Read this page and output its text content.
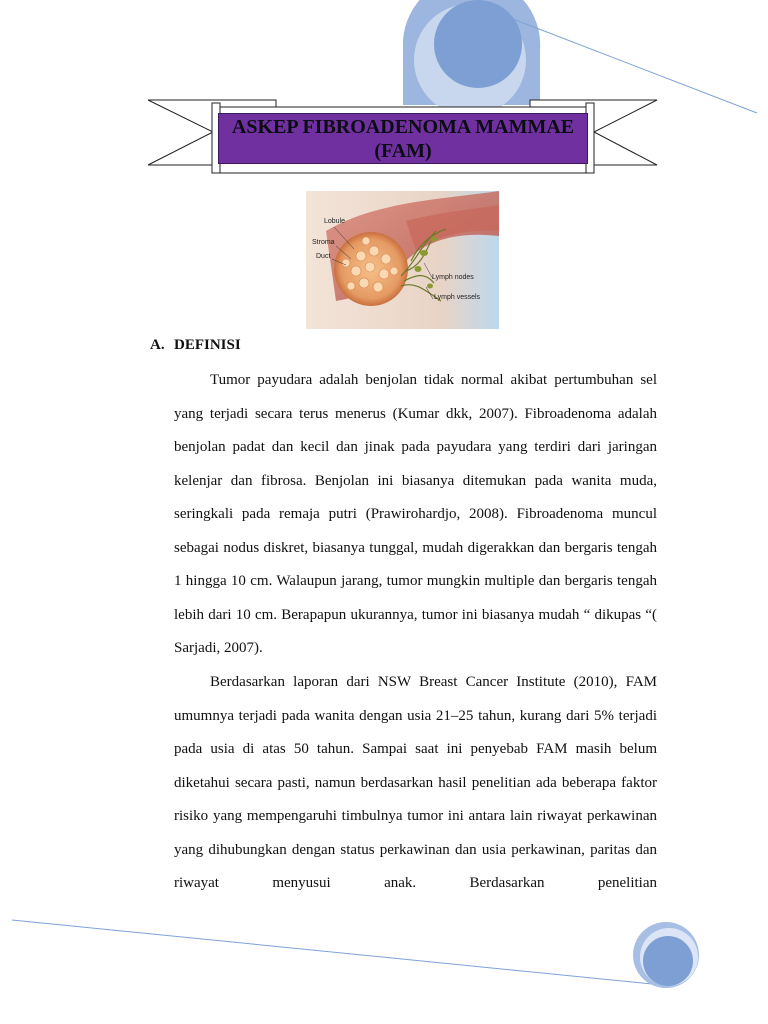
ASKEP FIBROADENOMA MAMMAE
(FAM)
Lobule
Stroma
Duct
Lymph nodes
Lymph vessels
A. DEFINISI

Tumor payudara adalah benjolan tidak normal akibat pertumbuhan sel yang terjadi secara terus menerus (Kumar dkk, 2007). Fibroadenoma adalah benjolan padat dan kecil dan jinak pada payudara yang terdiri dari jaringan kelenjar dan fibrosa. Benjolan ini biasanya ditemukan pada wanita muda, seringkali pada remaja putri (Prawirohardjo, 2008). Fibroadenoma muncul sebagai nodus diskret, biasanya tunggal, mudah digerakkan dan bergaris tengah 1 hingga 10 cm. Walaupun jarang, tumor mungkin multiple dan bergaris tengah lebih dari 10 cm. Berapapun ukurannya, tumor ini biasanya mudah “ dikupas “( Sarjadi, 2007).

Berdasarkan laporan dari NSW Breast Cancer Institute (2010), FAM umumnya terjadi pada wanita dengan usia 21–25 tahun, kurang dari 5% terjadi pada usia di atas 50 tahun. Sampai saat ini penyebab FAM masih belum diketahui secara pasti, namun berdasarkan hasil penelitian ada beberapa faktor risiko yang mempengaruhi timbulnya tumor ini antara lain riwayat perkawinan yang dihubungkan dengan status perkawinan dan usia perkawinan, paritas dan riwayat menyusui anak. Berdasarkan penelitian
